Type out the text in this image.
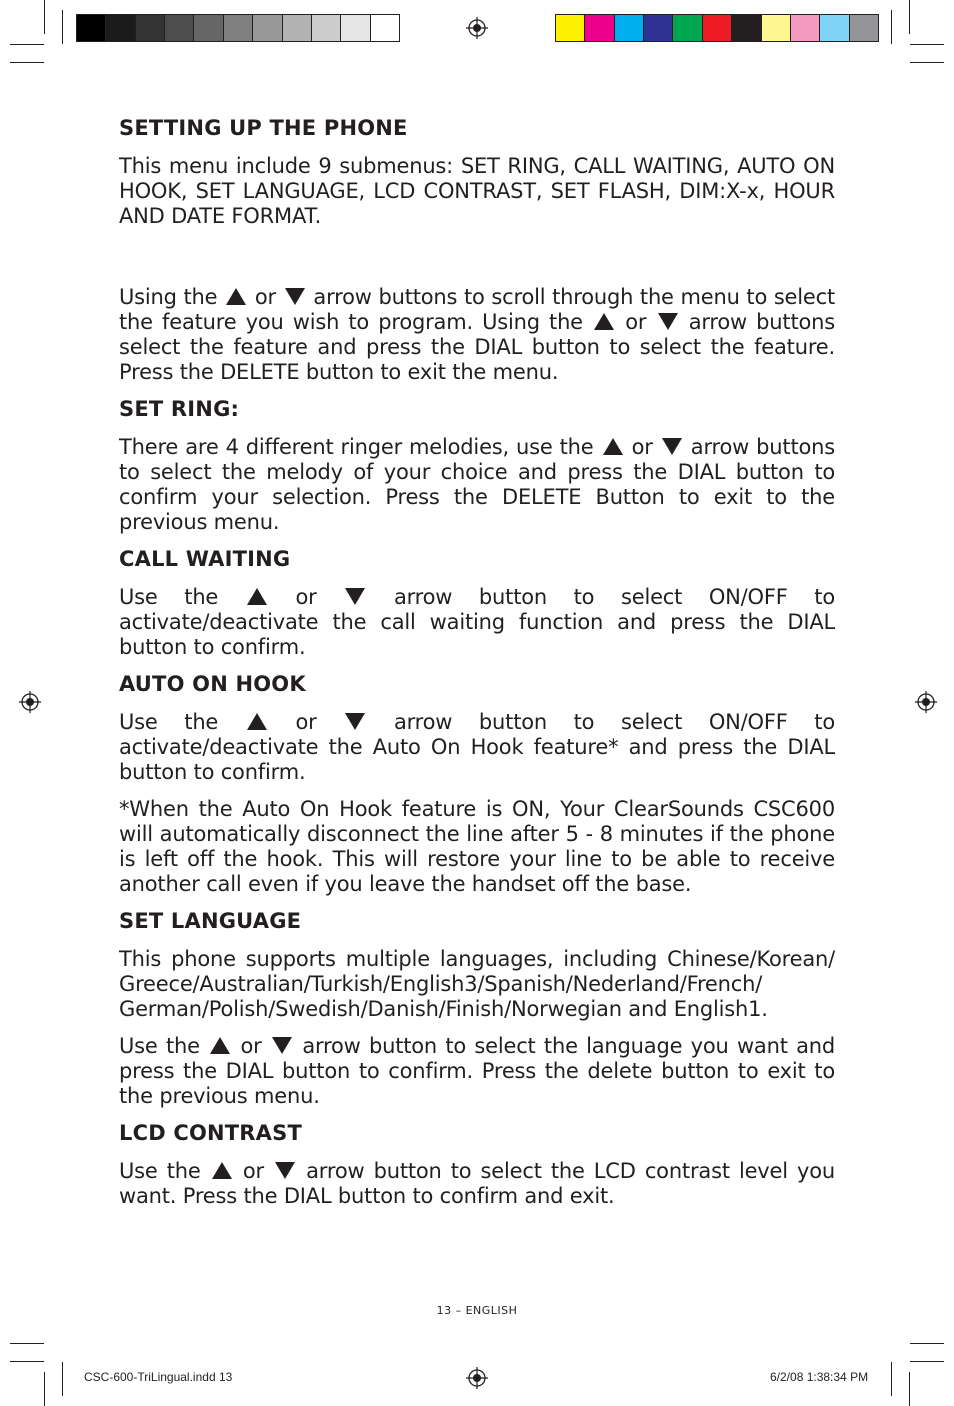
SETTING UP THE PHONE

This menu include 9 submenus: SET RING, CALL WAITING, AUTO ON HOOK, SET LANGUAGE, LCD CONTRAST, SET FLASH, DIM:X-x, HOUR AND DATE FORMAT.

Using the or arrow buttons to scroll through the menu to select the feature you wish to program. Using the or arrow buttons select the feature and press the DIAL button to select the feature. Press the DELETE button to exit the menu.

SET RING:

There are 4 different ringer melodies, use the or arrow buttons to select the melody of your choice and press the DIAL button to confirm your selection. Press the DELETE Button to exit to the previous menu.

CALL WAITING

Use the	or	arrow button to select ON/OFF to activate/deactivate the call waiting function and press the DIAL button to confirm.

AUTO ON HOOK

Use the	or	arrow button to select ON/OFF to activate/deactivate the Auto On Hook feature* and press the DIAL button to confirm.

*When the Auto On Hook feature is ON, Your ClearSounds CSC600 will automatically disconnect the line after 5 - 8 minutes if the phone is left off the hook. This will restore your line to be able to receive another call even if you leave the handset off the base.

SET LANGUAGE

This phone supports multiple languages, including Chinese/Korean/ Greece/Australian/Turkish/English3/Spanish/Nederland/French/ German/Polish/Swedish/Danish/Finish/Norwegian and English1.

Use the or arrow button to select the language you want and press the DIAL button to confirm. Press the delete button to exit to the previous menu.

LCD CONTRAST

Use the or arrow button to select the LCD contrast level you want. Press the DIAL button to confirm and exit.

13 – ENGLISH
CSC-600-TriLingual.indd 13	6/2/08 1:38:34 PM
